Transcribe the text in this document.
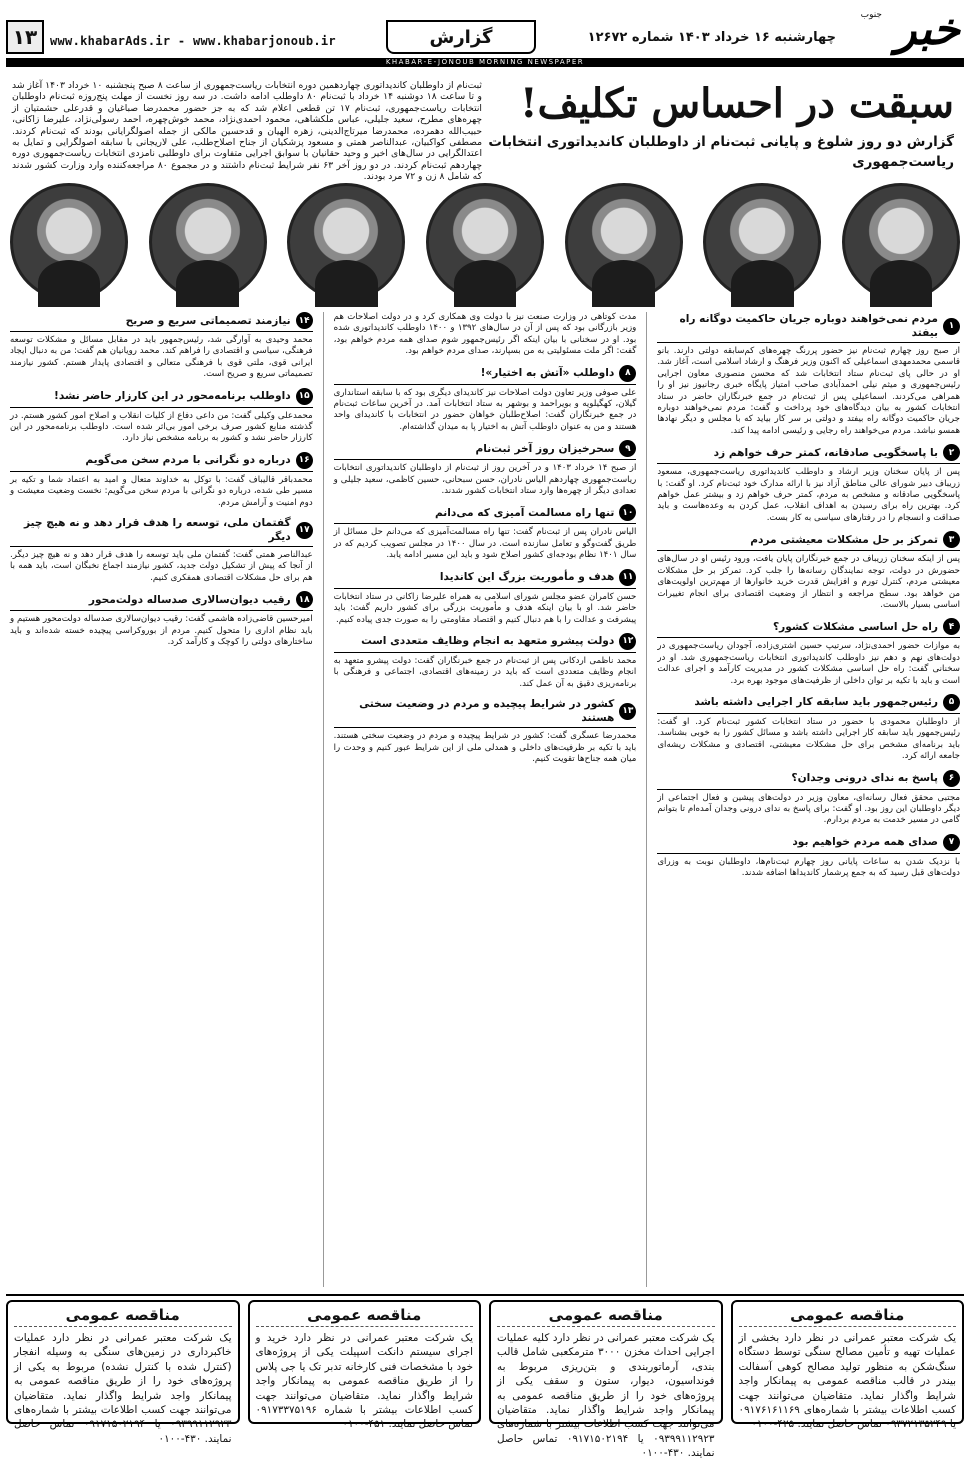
خبر
جنوب
چهارشنبه ۱۶ خرداد ۱۴۰۳ شماره ۱۲۶۷۲
گزارش
www.khabarAds.ir - www.khabarjonoub.ir
۱۳
KHABAR-E-JONOUB MORNING NEWSPAPER
سبقت در احساس تکلیف!
گزارش دو روز شلوغ و پایانی ثبت‌نام از داوطلبان کاندیداتوری انتخابات ریاست‌جمهوری
ثبت‌نام از داوطلبان کاندیداتوری چهاردهمین دوره انتخابات ریاست‌جمهوری از ساعت ۸ صبح پنجشنبه ۱۰ خرداد ۱۴۰۳ آغاز شد و تا ساعت ۱۸ دوشنبه ۱۴ خرداد با ثبت‌نام ۸۰ داوطلب ادامه داشت. در سه روز نخست از مهلت پنج‌روزه ثبت‌نام داوطلبان انتخابات ریاست‌جمهوری، ثبت‌نام ۱۷ تن قطعی اعلام شد که به جز حضور محمدرضا صباغیان و قدرعلی حشمتیان از چهره‌های مطرح، سعید جلیلی، عباس ملکشاهی، محمود احمدی‌نژاد، محمد خوش‌چهره، احمد رسولی‌نژاد، علیرضا زاکانی، حبیب‌الله دهمرده، محمدرضا میرتاج‌الدینی، زهره الهیان و قدحسین مالکی از جمله اصولگرایانی بودند که ثبت‌نام کردند. مصطفی کواکبیان، عبدالناصر همتی و مسعود پزشکیان از جناح اصلاح‌طلب، علی لاریجانی با سابقه اصولگرایی و تمایل به اعتدالگرایی در سال‌های اخیر و وحید حقانیان با سوابق اجرایی متفاوت برای داوطلبی نامزدی انتخابات ریاست‌جمهوری دوره چهاردهم ثبت‌نام کردند. در دو روز آخر ۶۳ نفر شرایط ثبت‌نام داشتند و در مجموع ۸۰ مراجعه‌کننده وارد وزارت کشور شدند که شامل ۸ زن و ۷۲ مرد بودند.
۱
مردم نمی‌خواهند دوباره جریان حاکمیت دوگانه راه بیفتد
از صبح روز چهارم ثبت‌نام نیز حضور پررنگ چهره‌های کم‌سابقه دولتی دارند. بانو قاسمی محمدمهدی اسماعیلی که اکنون وزیر فرهنگ و ارشاد اسلامی است، آغاز شد. او در حالی پای ثبت‌نام ستاد انتخابات شد که محسن منصوری معاون اجرایی رئیس‌جمهوری و میثم نیلی احمدآبادی صاحب امتیاز پایگاه خبری رجانیوز نیز او را همراهی می‌کردند. اسماعیلی پس از ثبت‌نام در جمع خبرنگاران حاضر در ستاد انتخابات کشور به بیان دیدگاه‌های خود پرداخت و گفت: مردم نمی‌خواهند دوباره جریان حاکمیت دوگانه راه بیفتد و دولتی بر سر کار بیاید که با مجلس و دیگر نهادها همسو نباشد. مردم می‌خواهند راه رجایی و رئیسی ادامه پیدا کند.
۲
با پاسخگویی صادقانه، کمتر حرف خواهم زد
پس از پایان سخنان وزیر ارشاد و داوطلب کاندیداتوری ریاست‌جمهوری، مسعود زریباف دبیر شورای عالی مناطق آزاد نیز با ارائه مدارک خود ثبت‌نام کرد. او گفت: با پاسخگویی صادقانه و مشخص به مردم، کمتر حرف خواهم زد و بیشتر عمل خواهم کرد. بهترین راه برای رسیدن به اهداف انقلاب، عمل کردن به وعده‌هاست و باید صداقت و انسجام را در رفتارهای سیاسی به کار بست.
۳
تمرکز بر حل مشکلات معیشتی مردم
پس از اینکه سخنان زریباف در جمع خبرنگاران پایان یافت، ورود رئیس او در سال‌های حضورش در دولت، توجه نمایندگان رسانه‌ها را جلب کرد. تمرکز بر حل مشکلات معیشتی مردم، کنترل تورم و افزایش قدرت خرید خانوارها از مهم‌ترین اولویت‌های من خواهد بود. سطح مراجعه و انتظار از وضعیت اقتصادی برای انجام تغییرات اساسی بسیار بالاست.
۴
راه حل اساسی مشکلات کشور؟
به موازات حضور احمدی‌نژاد، سرتیپ حسین اشتری‌زاده، آجودان ریاست‌جمهوری در دولت‌های نهم و دهم نیز داوطلب کاندیداتوری انتخابات ریاست‌جمهوری شد. او در سخنانی گفت: راه حل اساسی مشکلات کشور در مدیریت کارآمد و اجرای عدالت است و باید با تکیه بر توان داخلی از ظرفیت‌های موجود بهره برد.
۵
رئیس‌جمهور باید سابقه کار اجرایی داشته باشد
از داوطلبان محمودی با حضور در ستاد انتخابات کشور ثبت‌نام کرد. او گفت: رئیس‌جمهور باید سابقه کار اجرایی داشته باشد و مسائل کشور را به خوبی بشناسد. باید برنامه‌ای مشخص برای حل مشکلات معیشتی، اقتصادی و مشکلات ریشه‌ای جامعه ارائه کرد.
۶
پاسخ به ندای درونی وجدان؟
مجتبی محقق فعال رسانه‌ای، معاون وزیر در دولت‌های پیشین و فعال اجتماعی از دیگر داوطلبان این روز بود. او گفت: برای پاسخ به ندای درونی وجدان آمده‌ام تا بتوانم گامی در مسیر خدمت به مردم بردارم.
۷
صدای همه مردم خواهیم بود
با نزدیک شدن به ساعات پایانی روز چهارم ثبت‌نام‌ها، داوطلبان نوبت به وزرای دولت‌های قبل رسید که به جمع پرشمار کاندیداها اضافه شدند.
مدت کوتاهی در وزارت صنعت نیز با دولت وی همکاری کرد و در دولت اصلاحات هم وزیر بازرگانی بود که پس از آن در سال‌های ۱۳۹۲ و ۱۴۰۰ داوطلب کاندیداتوری شده بود. او در سخنانی با بیان اینکه اگر رئیس‌جمهور شوم صدای همه مردم خواهم بود، گفت: اگر ملت مسئولیتی به من بسپارند، صدای مردم خواهم بود.
۸
داوطلب «آتش به اختیار»!
علی صوفی وزیر تعاون دولت اصلاحات نیز کاندیدای دیگری بود که با سابقه استانداری گیلان، کهگیلویه و بویراحمد و بوشهر به ستاد انتخابات آمد. در آخرین ساعات ثبت‌نام در جمع خبرنگاران گفت: اصلاح‌طلبان خواهان حضور در انتخابات با کاندیدای واحد هستند و من به عنوان داوطلب آتش به اختیار پا به میدان گذاشته‌ام.
۹
سحرخیزان روز آخر ثبت‌نام
از صبح ۱۴ خرداد ۱۴۰۳ و در آخرین روز از ثبت‌نام از داوطلبان کاندیداتوری انتخابات ریاست‌جمهوری چهاردهم الیاس نادران، حسن سبحانی، حسین کاظمی، سعید جلیلی و تعدادی دیگر از چهره‌ها وارد ستاد انتخابات کشور شدند.
۱۰
تنها راه مسالمت آمیزی که می‌دانم
الیاس نادران پس از ثبت‌نام گفت: تنها راه مسالمت‌آمیزی که می‌دانم حل مسائل از طریق گفت‌وگو و تعامل سازنده است. در سال ۱۴۰۰ در مجلس تصویب کردیم که در سال ۱۴۰۱ نظام بودجه‌ای کشور اصلاح شود و باید این مسیر ادامه یابد.
۱۱
هدف و مأموریت بزرگ این کاندیدا
حسن کامران عضو مجلس شورای اسلامی به همراه علیرضا زاکانی در ستاد انتخابات حاضر شد. او با بیان اینکه هدف و مأموریت بزرگی برای کشور داریم گفت: باید پیشرفت و عدالت را با هم دنبال کنیم و اقتصاد مقاومتی را به صورت جدی پیاده کنیم.
۱۲
دولت پیشرو متعهد به انجام وظایف متعددی است
محمد ناظمی اردکانی پس از ثبت‌نام در جمع خبرنگاران گفت: دولت پیشرو متعهد به انجام وظایف متعددی است که باید در زمینه‌های اقتصادی، اجتماعی و فرهنگی با برنامه‌ریزی دقیق به آن عمل کند.
۱۳
کشور در شرایط پیچیده و مردم در وضعیت سختی هستند
محمدرضا عسگری گفت: کشور در شرایط پیچیده و مردم در وضعیت سختی هستند. باید با تکیه بر ظرفیت‌های داخلی و همدلی ملی از این شرایط عبور کنیم و وحدت را میان همه جناح‌ها تقویت کنیم.
۱۴
نیازمند تصمیماتی سریع و صریح
محمد وحیدی به آوارگی شد، رئیس‌جمهور باید در مقابل مسائل و مشکلات توسعه فرهنگی، سیاسی و اقتصادی را فراهم کند. محمد رویانیان هم گفت: من به دنبال ایجاد ایرانی قوی، ملتی قوی با فرهنگی متعالی و اقتصادی پایدار هستم. کشور نیازمند تصمیماتی سریع و صریح است.
۱۵
داوطلب برنامه‌محور در این کارزار حاضر نشد!
محمدعلی وکیلی گفت: من داعی دفاع از کلیات انقلاب و اصلاح امور کشور هستم. در گذشته منابع کشور صرف برخی امور بی‌اثر شده است. داوطلب برنامه‌محور در این کارزار حاضر نشد و کشور به برنامه مشخص نیاز دارد.
۱۶
درباره دو نگرانی با مردم سخن می‌گویم
محمدباقر قالیباف گفت: با توکل به خداوند متعال و امید به اعتماد شما و تکیه بر مسیر طی شده، درباره دو نگرانی با مردم سخن می‌گویم: نخست وضعیت معیشت و دوم امنیت و آرامش مردم.
۱۷
گفتمان ملی، توسعه را هدف قرار دهد و نه هیچ چیز دیگر
عبدالناصر همتی گفت: گفتمان ملی باید توسعه را هدف قرار دهد و نه هیچ چیز دیگر. از آنجا که پیش از تشکیل دولت جدید، کشور نیازمند اجماع نخبگان است، باید همه با هم برای حل مشکلات اقتصادی همفکری کنیم.
۱۸
رقیب دیوان‌سالاری صدساله دولت‌محور
امیرحسین قاضی‌زاده هاشمی گفت: رقیب دیوان‌سالاری صدساله دولت‌محور هستیم و باید نظام اداری را متحول کنیم. مردم از بوروکراسی پیچیده خسته شده‌اند و باید ساختارهای دولتی را کوچک و کارآمد کرد.
مناقصه عمومی
یک شرکت معتبر عمرانی در نظر دارد بخشی از عملیات تهیه و تأمین مصالح سنگی توسط دستگاه سنگ‌شکن به منظور تولید مصالح کوهی آسفالت بیندر در قالب مناقصه عمومی به پیمانکار واجد شرایط واگذار نماید. متقاضیان می‌توانند جهت کسب اطلاعات بیشتر با شماره‌های ۰۹۱۷۶۱۶۱۱۶۹ یا ۰۹۳۷۲۱۳۵۲۴۹ تماس حاصل نمایند. ۴۲۵-۰۱۰۰
مناقصه عمومی
یک شرکت معتبر عمرانی در نظر دارد کلیه عملیات اجرایی احداث مخزن ۳۰۰۰ مترمکعبی شامل قالب بندی، آرماتوربندی و بتن‌ریزی مربوط به فونداسیون، دیوار، ستون و سقف یکی از پروژه‌های خود را از طریق مناقصه عمومی به پیمانکار واجد شرایط واگذار نماید. متقاضیان می‌توانند جهت کسب اطلاعات بیشتر با شماره‌های ۰۹۳۹۹۱۱۲۹۲۳ یا ۰۹۱۷۱۵۰۲۱۹۴ تماس حاصل نمایند. ۴۳۰-۰۱۰۰
مناقصه عمومی
یک شرکت معتبر عمرانی در نظر دارد خرید و اجرای سیستم دانکت اسپیلت یکی از پروژه‌های خود با مشخصات فنی کارخانه تدبر تک یا جی پلاس را از طریق مناقصه عمومی به پیمانکار واجد شرایط واگذار نماید. متقاضیان می‌توانند جهت کسب اطلاعات بیشتر با شماره ۰۹۱۷۳۳۷۵۱۹۶ تماس حاصل نمایند. ۴۵۱-۰۱۰۰
مناقصه عمومی
یک شرکت معتبر عمرانی در نظر دارد عملیات خاکبرداری در زمین‌های سنگی به وسیله انفجار (کنترل شده با کنترل نشده) مربوط به یکی از پروژه‌های خود را از طریق مناقصه عمومی به پیمانکار واجد شرایط واگذار نماید. متقاضیان می‌توانند جهت کسب اطلاعات بیشتر با شماره‌های ۰۹۳۹۹۱۱۲۹۲۳ یا ۰۹۱۷۱۵۰۲۱۹۴ تماس حاصل نمایند. ۴۳۰-۰۱۰۰
